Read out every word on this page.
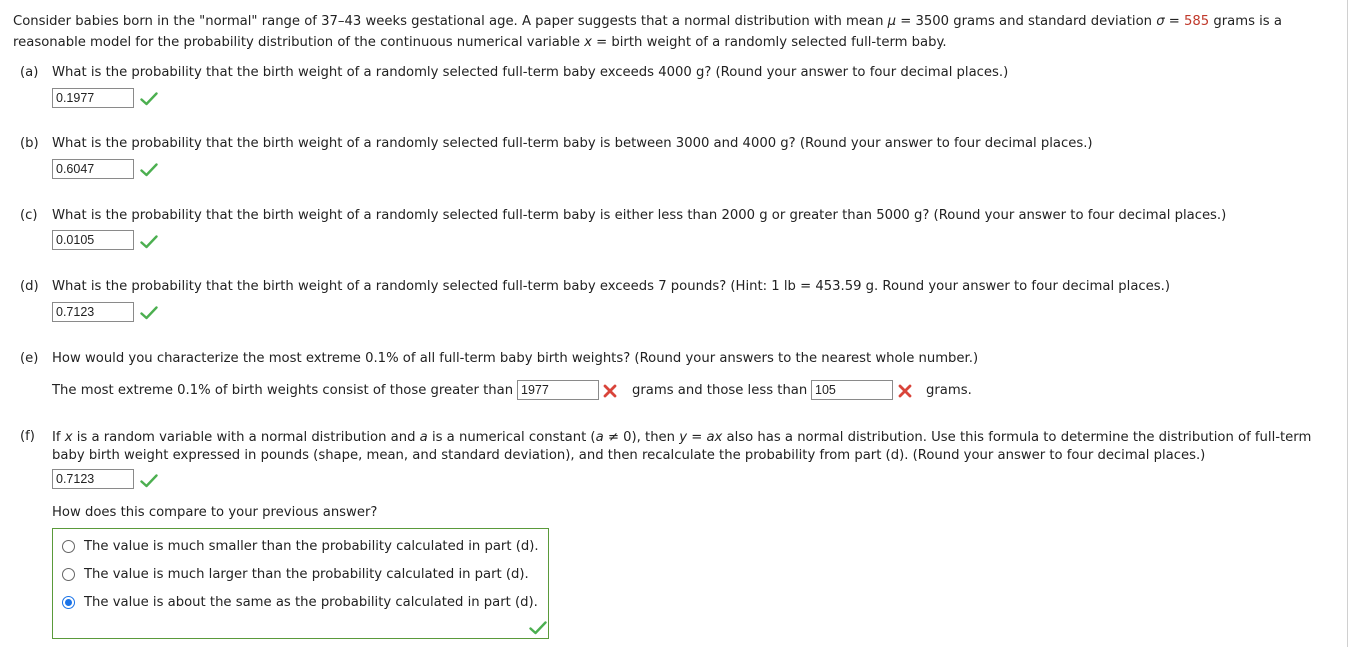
Consider babies born in the "normal" range of 37–43 weeks gestational age. A paper suggests that a normal distribution with mean μ = 3500 grams and standard deviation σ = 585 grams is a reasonable model for the probability distribution of the continuous numerical variable x = birth weight of a randomly selected full-term baby.
(a) What is the probability that the birth weight of a randomly selected full-term baby exceeds 4000 g? (Round your answer to four decimal places.)
0.1977
(b) What is the probability that the birth weight of a randomly selected full-term baby is between 3000 and 4000 g? (Round your answer to four decimal places.)
0.6047
(c) What is the probability that the birth weight of a randomly selected full-term baby is either less than 2000 g or greater than 5000 g? (Round your answer to four decimal places.)
0.0105
(d) What is the probability that the birth weight of a randomly selected full-term baby exceeds 7 pounds? (Hint: 1 lb = 453.59 g. Round your answer to four decimal places.)
0.7123
(e) How would you characterize the most extreme 0.1% of all full-term baby birth weights? (Round your answers to the nearest whole number.)
The most extreme 0.1% of birth weights consist of those greater than 1977	grams and those less than 105	grams.
(f) If x is a random variable with a normal distribution and a is a numerical constant (a ≠ 0), then y = ax also has a normal distribution. Use this formula to determine the distribution of full-term baby birth weight expressed in pounds (shape, mean, and standard deviation), and then recalculate the probability from part (d). (Round your answer to four decimal places.)
0.7123
How does this compare to your previous answer?
The value is much smaller than the probability calculated in part (d).
The value is much larger than the probability calculated in part (d).
The value is about the same as the probability calculated in part (d).
